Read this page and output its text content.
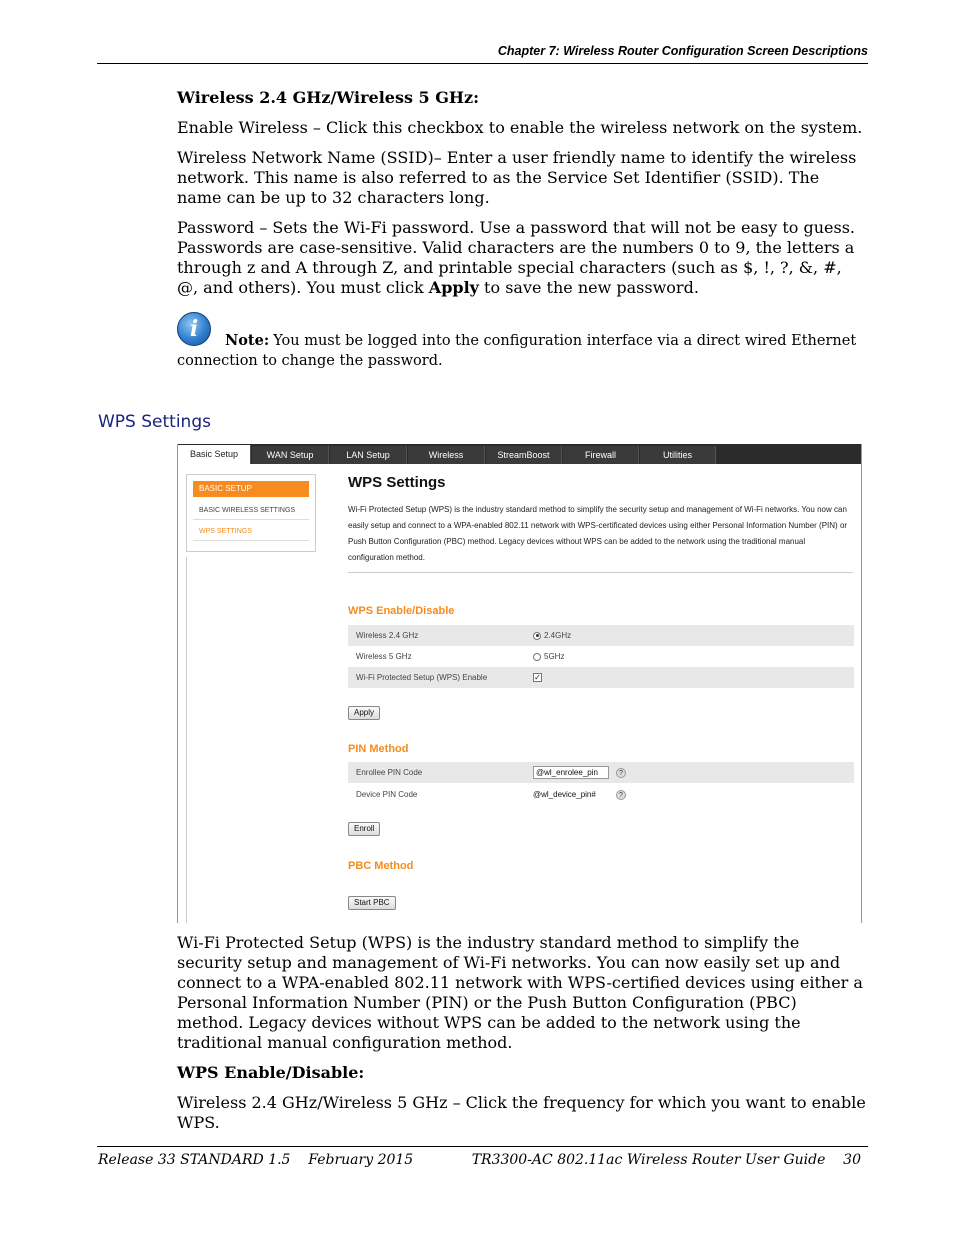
Chapter 7: Wireless Router Configuration Screen Descriptions
Wireless 2.4 GHz/Wireless 5 GHz:
Enable Wireless – Click this checkbox to enable the wireless network on the system.
Wireless Network Name (SSID)– Enter a user friendly name to identify the wireless network. This name is also referred to as the Service Set Identifier (SSID). The name can be up to 32 characters long.
Password – Sets the Wi-Fi password. Use a password that will not be easy to guess. Passwords are case-sensitive. Valid characters are the numbers 0 to 9, the letters a through z and A through Z, and printable special characters (such as $, !, ?, &, #, @, and others). You must click Apply to save the new password.
i	Note: You must be logged into the configuration interface via a direct wired Ethernet connection to change the password.
WPS Settings
Basic Setup	WAN Setup	LAN Setup	Wireless	StreamBoost	Firewall	Utilities
BASIC SETUP
BASIC WIRELESS SETTINGS
WPS SETTINGS
WPS Settings
Wi-Fi Protected Setup (WPS) is the industry standard method to simplify the security setup and management of Wi-Fi networks. You now can easily setup and connect to a WPA-enabled 802.11 network with WPS-certificated devices using either Personal Information Number (PIN) or Push Button Configuration (PBC) method. Legacy devices without WPS can be added to the network using the traditional manual configuration method.
WPS Enable/Disable
Wireless 2.4 GHz	2.4GHz
Wireless 5 GHz	5GHz
Wi-Fi Protected Setup (WPS) Enable	✓
Apply
PIN Method
Enrollee PIN Code	@wl_enrolee_pin	?
Device PIN Code	@wl_device_pin#	?
Enroll
PBC Method
Start PBC
Wi-Fi Protected Setup (WPS) is the industry standard method to simplify the security setup and management of Wi-Fi networks. You can now easily set up and connect to a WPA-enabled 802.11 network with WPS-certified devices using either a Personal Information Number (PIN) or the Push Button Configuration (PBC) method. Legacy devices without WPS can be added to the network using the traditional manual configuration method.
WPS Enable/Disable:
Wireless 2.4 GHz/Wireless 5 GHz – Click the frequency for which you want to enable WPS.
Release 33 STANDARD 1.5    February 2015	TR3300-AC 802.11ac Wireless Router User Guide    30
